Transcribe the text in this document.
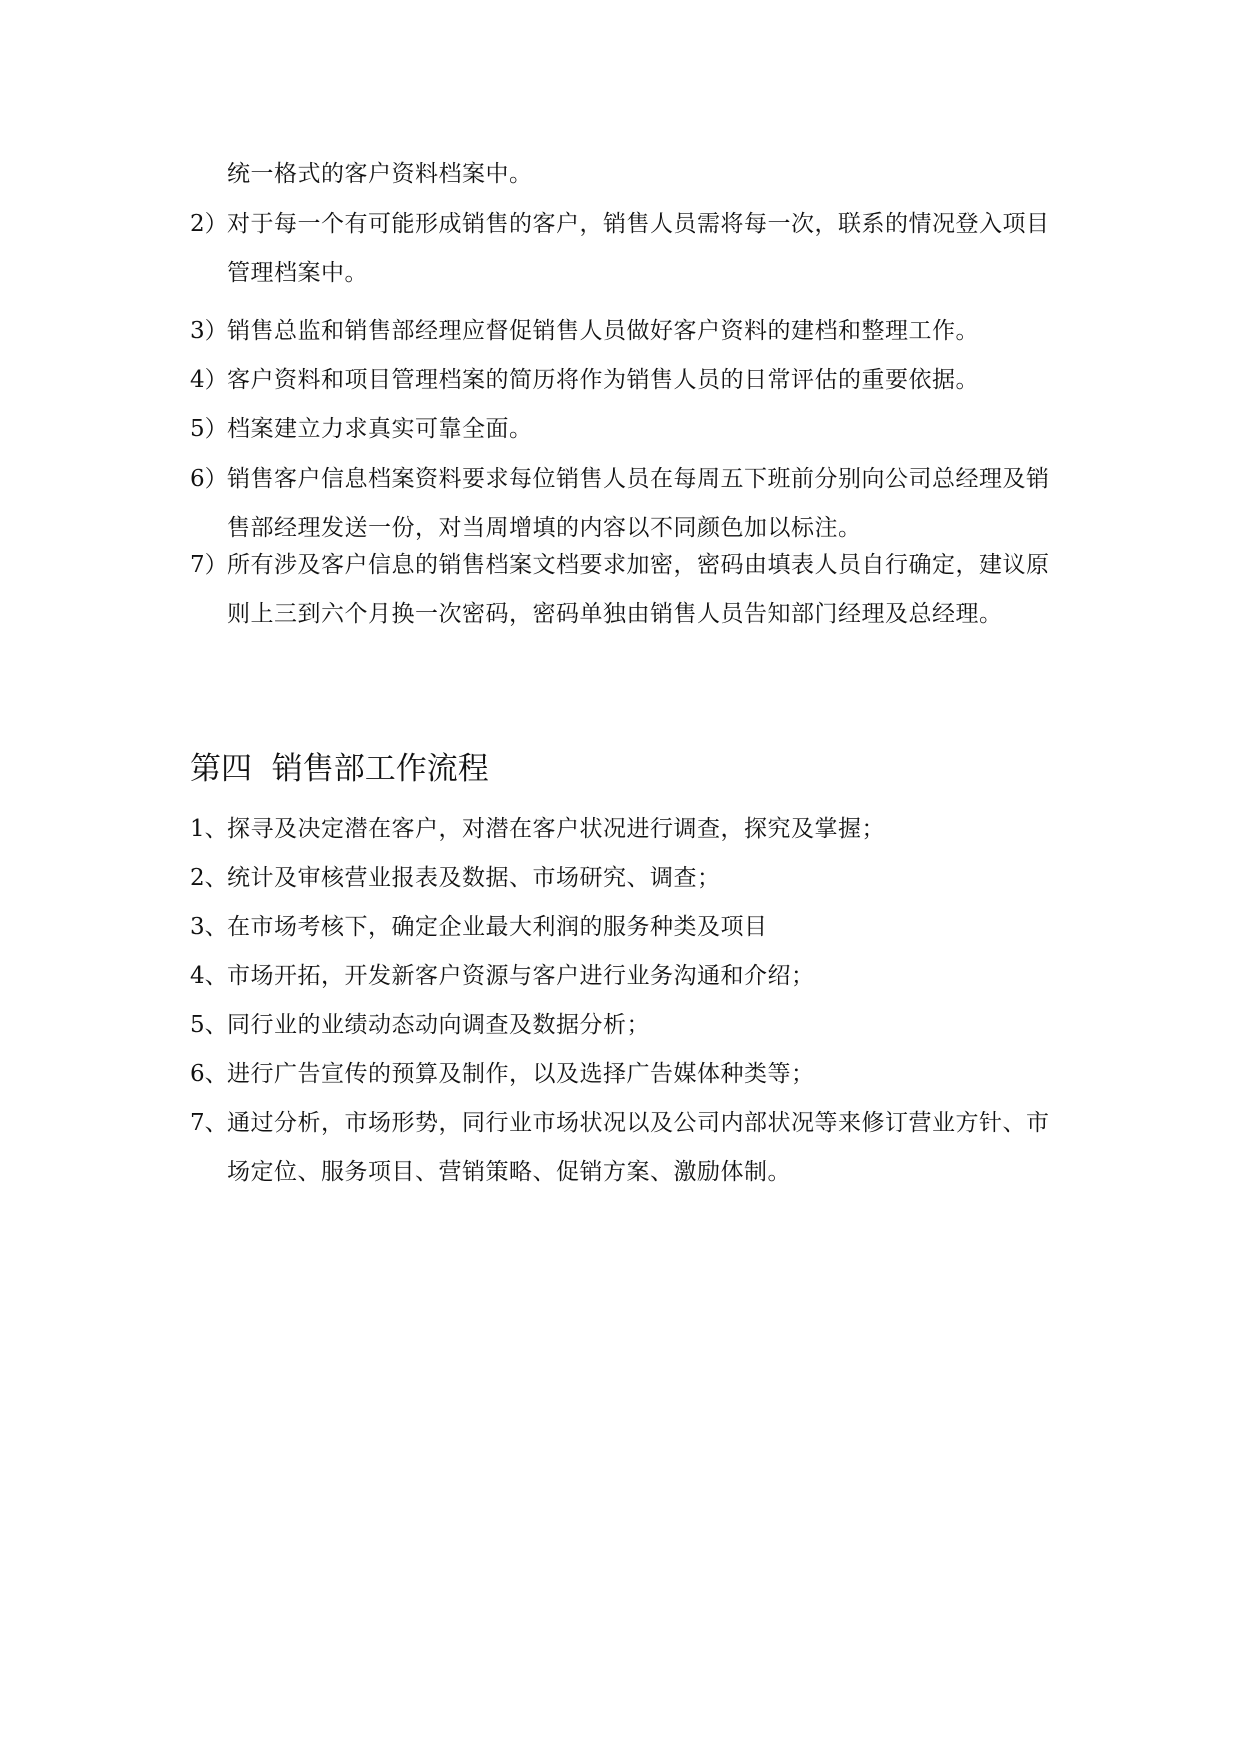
统一格式的客户资料档案中。
2） 对于每一个有可能形成销售的客户，销售人员需将每一次，联系的情况登入项目管理档案中。
3） 销售总监和销售部经理应督促销售人员做好客户资料的建档和整理工作。
4） 客户资料和项目管理档案的简历将作为销售人员的日常评估的重要依据。
5） 档案建立力求真实可靠全面。
6） 销售客户信息档案资料要求每位销售人员在每周五下班前分别向公司总经理及销售部经理发送一份，对当周增填的内容以不同颜色加以标注。
7） 所有涉及客户信息的销售档案文档要求加密，密码由填表人员自行确定，建议原则上三到六个月换一次密码，密码单独由销售人员告知部门经理及总经理。
第四  销售部工作流程
1、 探寻及决定潜在客户，对潜在客户状况进行调查，探究及掌握；
2、 统计及审核营业报表及数据、市场研究、调查；
3、 在市场考核下，确定企业最大利润的服务种类及项目
4、 市场开拓，开发新客户资源与客户进行业务沟通和介绍；
5、 同行业的业绩动态动向调查及数据分析；
6、 进行广告宣传的预算及制作，以及选择广告媒体种类等；
7、 通过分析，市场形势，同行业市场状况以及公司内部状况等来修订营业方针、市场定位、服务项目、营销策略、促销方案、激励体制。
